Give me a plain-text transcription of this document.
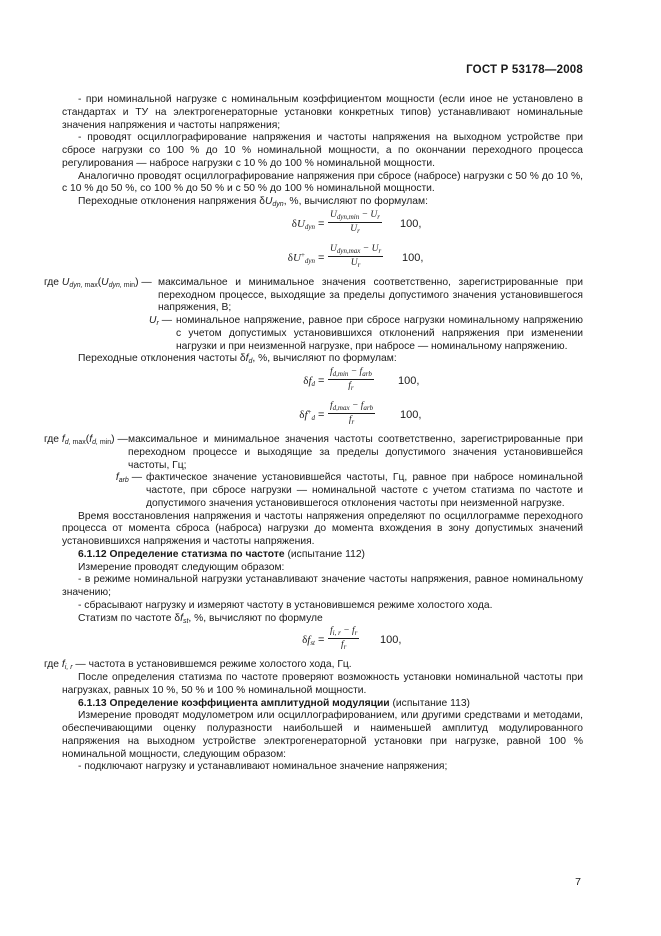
ГОСТ Р 53178—2008

- при номинальной нагрузке с номинальным коэффициентом мощности (если иное не установлено в стандартах и ТУ на электрогенераторные установки конкретных типов) устанавливают номинальные значения напряжения и частоты напряжения;

- проводят осциллографирование напряжения и частоты напряжения на выходном устройстве при сбросе нагрузки со 100 % до 10 % номинальной мощности, а по окончании переходного процесса регулирования — набросе нагрузки с 10 % до 100 % номинальной мощности.

Аналогично проводят осциллографирование напряжения при сбросе (набросе) нагрузки с 50 % до 10 %, с 10 % до 50 %, со 100 % до 50 % и с 50 % до 100 % номинальной мощности.

Переходные отклонения напряжения $\delta U_{dyn}$, %, вычисляют по формулам:

$\delta U_{dyn}$ =
$U_{dyn,min} - U_r$
$U_r$
100,
$\delta U^+_{dyn}$ =
$U_{dyn,max} - U_r$
$U_r$
100,
где $U_{dyn, max}(U_{dyn, min})$ — максимальное и минимальное значения соответственно, зарегистрированные при переходном процессе, выходящие за пределы допустимого значения установившегося напряжения, В;
$U_r$ — номинальное напряжение, равное при сбросе нагрузки номинальному напряжению с учетом допустимых установившихся отклонений напряжения при изменении нагрузки и при неизменной нагрузке, при набросе — номинальному напряжению.

Переходные отклонения частоты $\delta f_d$, %, вычисляют по формулам:

$\delta f_d$ =
$f_{d,min} - f_{arb}$
$f_r$
100,
$\delta f^+_d$ =
$f_{d,max} - f_{arb}$
$f_r$
100,
где $f_{d, max}(f_{d, min})$ — максимальное и минимальное значения частоты соответственно, зарегистрированные при переходном процессе и выходящие за пределы допустимого значения установившейся частоты, Гц;
$f_{arb}$ — фактическое значение установившейся частоты, Гц, равное при набросе номинальной частоте, при сбросе нагрузки — номинальной частоте с учетом статизма по частоте и допустимого значения установившегося отклонения частоты при неизменной нагрузке.

Время восстановления напряжения и частоты напряжения определяют по осциллограмме переходного процесса от момента сброса (наброса) нагрузки до момента вхождения в зону допустимых значений установившихся напряжения и частоты напряжения.

6.1.12 Определение статизма по частоте (испытание 112)

Измерение проводят следующим образом:

- в режиме номинальной нагрузки устанавливают значение частоты напряжения, равное номинальному значению;

- сбрасывают нагрузку и измеряют частоту в установившемся режиме холостого хода.

Статизм по частоте $\delta f_{st}$, %, вычисляют по формуле

$\delta f_{st} = \frac{f_{i, r} - f_r}{f_r} 100$,

где $f_{i, r}$ — частота в установившемся режиме холостого хода, Гц.

После определения статизма по частоте проверяют возможность установки номинальной частоты при нагрузках, равных 10 %, 50 % и 100 % номинальной мощности.

6.1.13 Определение коэффициента амплитудной модуляции (испытание 113)

Измерение проводят модулометром или осциллографированием, или другими средствами и методами, обеспечивающими оценку полуразности наибольшей и наименьшей амплитуд модулированного напряжения на выходном устройстве электрогенераторной установки при нагрузке, равной 100 % номинальной мощности, следующим образом:

- подключают нагрузку и устанавливают номинальное значение напряжения;

7
